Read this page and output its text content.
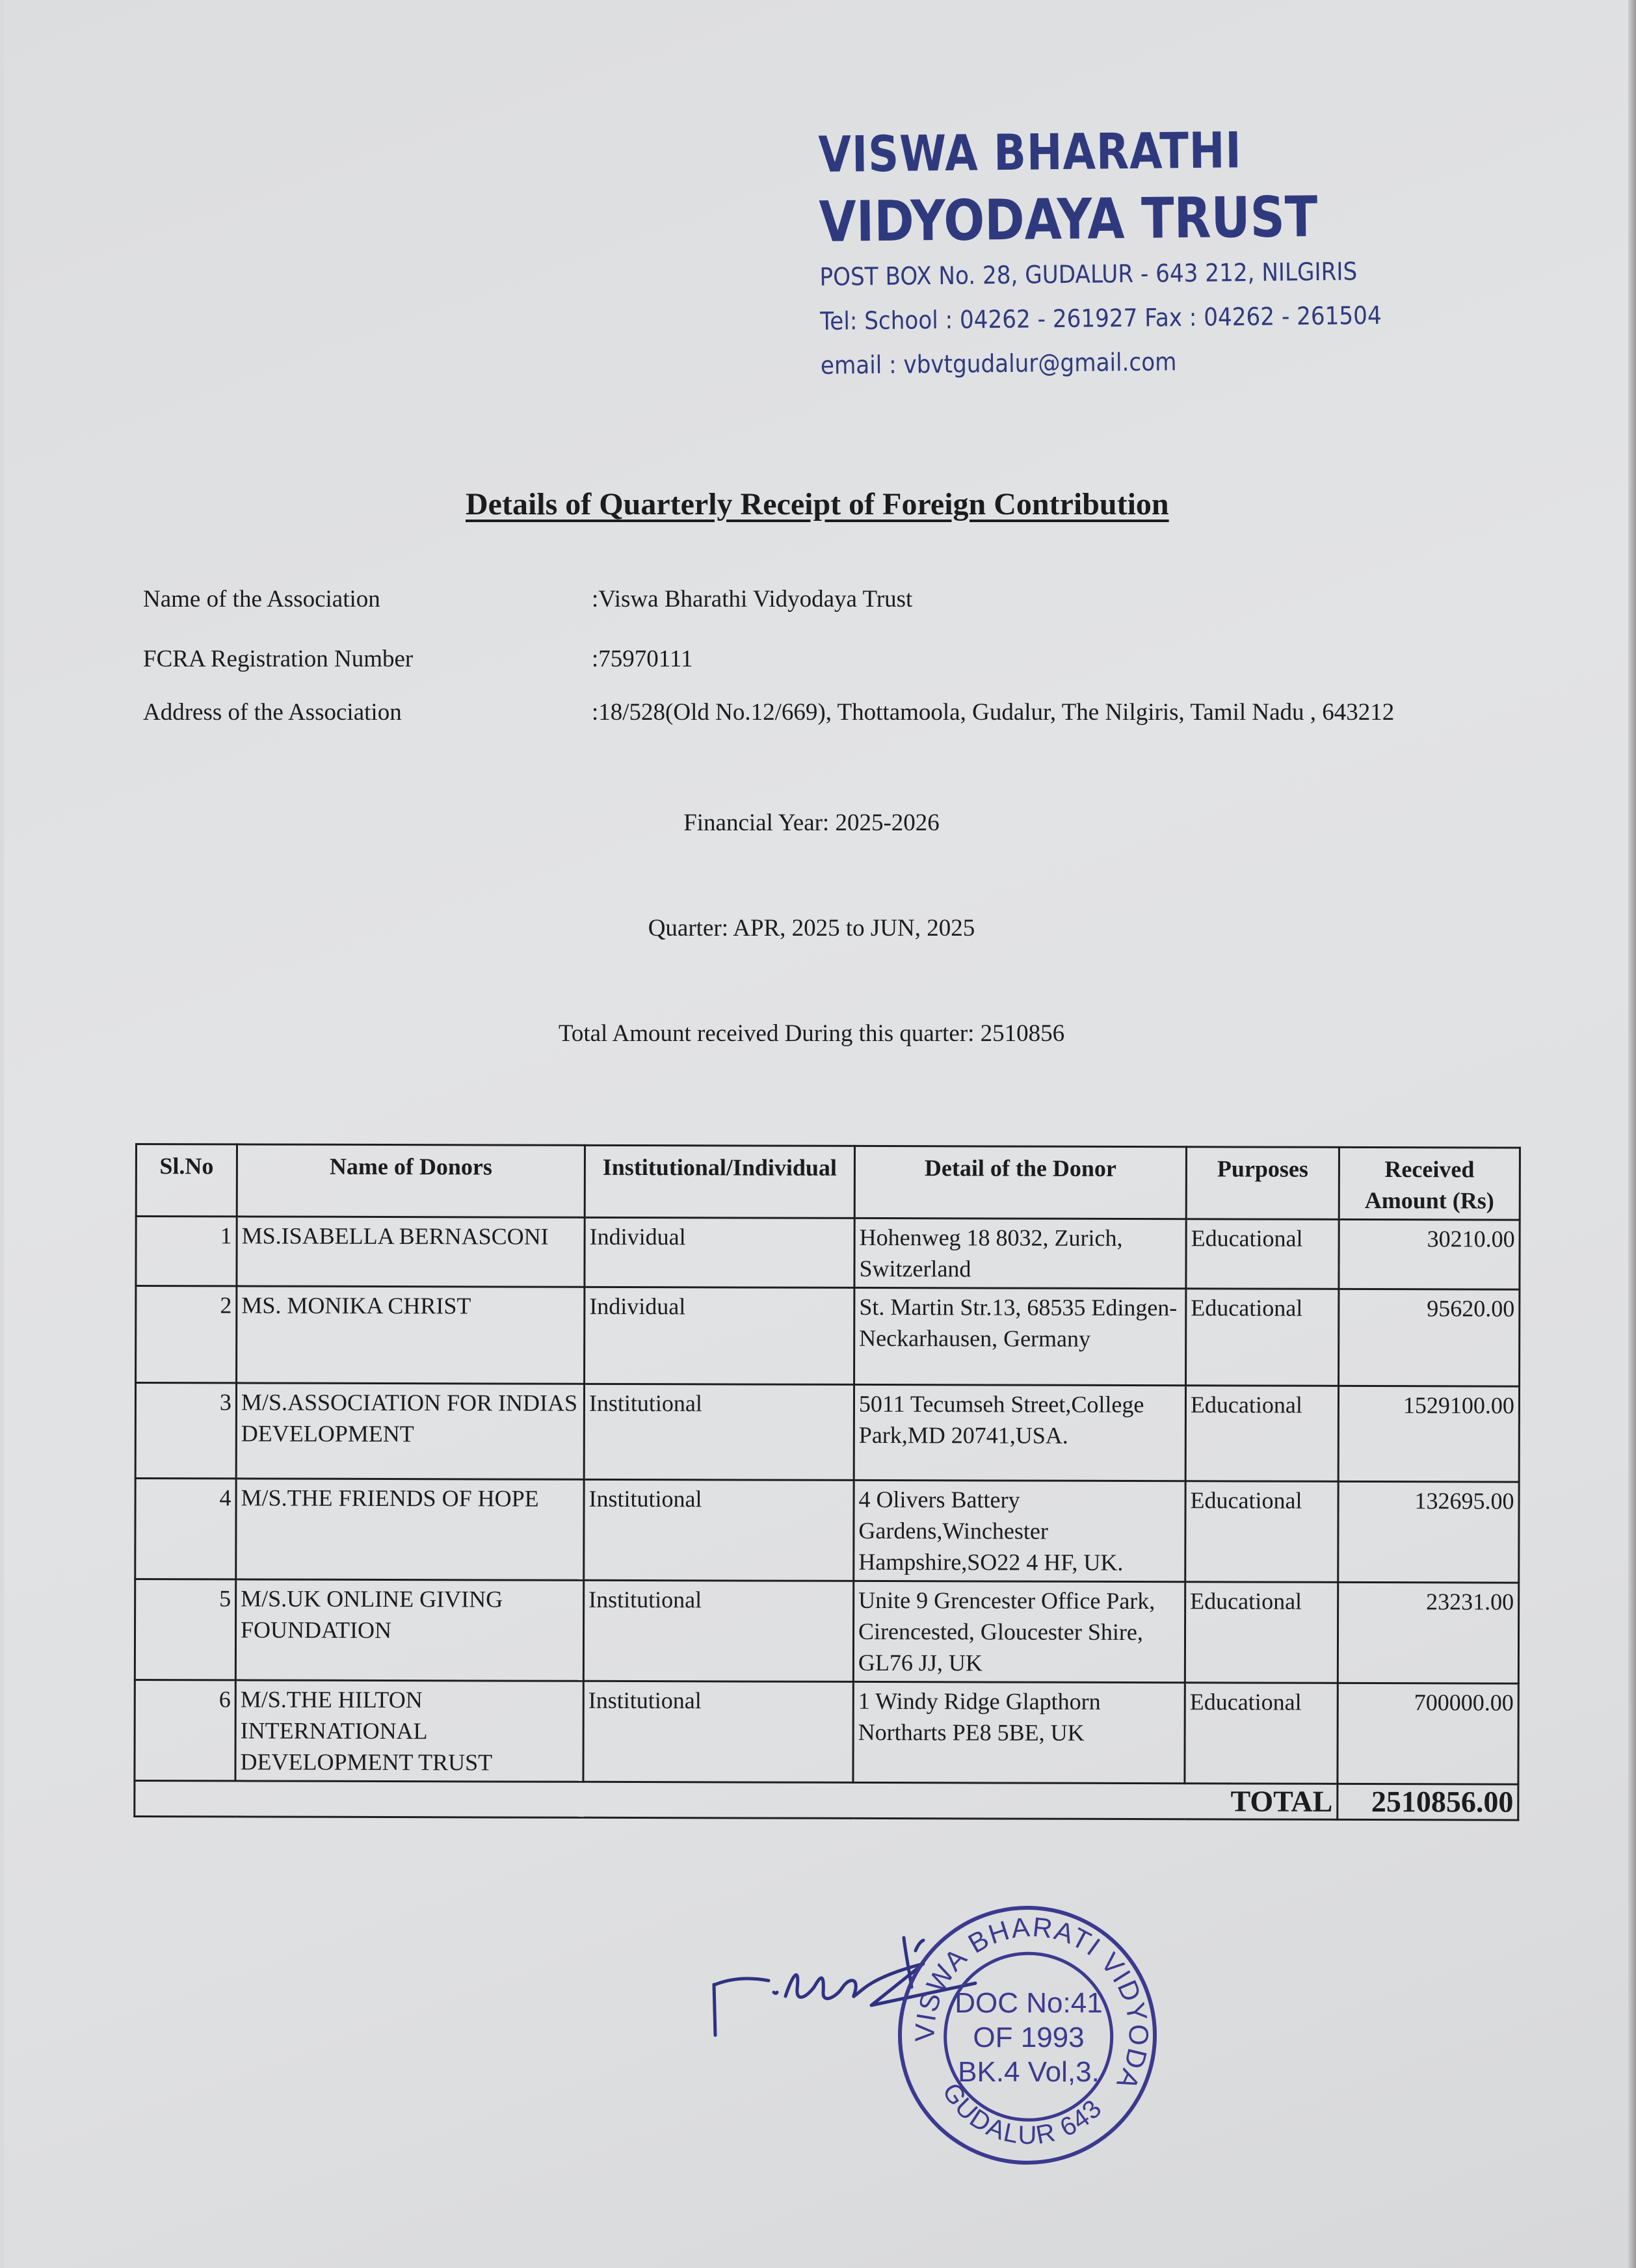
VISWA BHARATHI
VIDYODAYA TRUST
POST BOX No. 28, GUDALUR - 643 212, NILGIRIS
Tel: School : 04262 - 261927 Fax : 04262 - 261504
email : vbvtgudalur@gmail.com
Details of Quarterly Receipt of Foreign Contribution
Name of the Association	:Viswa Bharathi Vidyodaya Trust
FCRA Registration Number	:75970111
Address of the Association	:18/528(Old No.12/669), Thottamoola, Gudalur, The Nilgiris, Tamil Nadu , 643212
Financial Year: 2025-2026
Quarter: APR, 2025 to JUN, 2025
Total Amount received During this quarter: 2510856
Sl.No	Name of Donors	Institutional/Individual	Detail of the Donor	Purposes	Received Amount (Rs)
1	MS.ISABELLA BERNASCONI	Individual	Hohenweg 18 8032, Zurich, Switzerland	Educational	30210.00
2	MS. MONIKA CHRIST	Individual	St. Martin Str.13, 68535 Edingen-Neckarhausen, Germany	Educational	95620.00
3	M/S.ASSOCIATION FOR INDIAS DEVELOPMENT	Institutional	5011 Tecumseh Street,College Park,MD 20741,USA.	Educational	1529100.00
4	M/S.THE FRIENDS OF HOPE	Institutional	4 Olivers Battery Gardens,Winchester Hampshire,SO22 4 HF, UK.	Educational	132695.00
5	M/S.UK ONLINE GIVING FOUNDATION	Institutional	Unite 9 Grencester Office Park, Cirencested, Gloucester Shire, GL76 JJ, UK	Educational	23231.00
6	M/S.THE HILTON INTERNATIONAL DEVELOPMENT TRUST	Institutional	1 Windy Ridge Glapthorn Northarts PE8 5BE, UK	Educational	700000.00
TOTAL					2510856.00
VISWA BHARATI VIDYODAYA
GUDALUR 643
DOC No:41
OF 1993
BK.4 Vol,3.
